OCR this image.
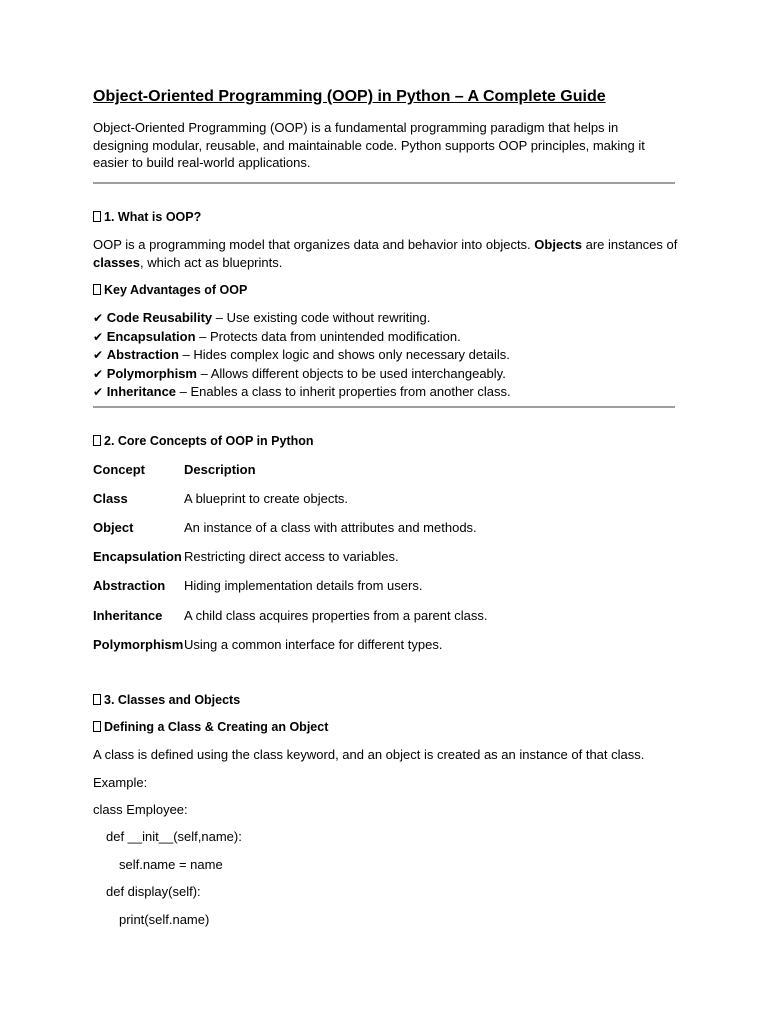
Object-Oriented Programming (OOP) in Python – A Complete Guide
Object-Oriented Programming (OOP) is a fundamental programming paradigm that helps in
designing modular, reusable, and maintainable code. Python supports OOP principles, making it
easier to build real-world applications.
1. What is OOP?
OOP is a programming model that organizes data and behavior into objects. Objects are instances of
classes, which act as blueprints.
Key Advantages of OOP
✔ Code Reusability – Use existing code without rewriting.
✔ Encapsulation – Protects data from unintended modification.
✔ Abstraction – Hides complex logic and shows only necessary details.
✔ Polymorphism – Allows different objects to be used interchangeably.
✔ Inheritance – Enables a class to inherit properties from another class.
2. Core Concepts of OOP in Python
Concept	Description
Class	A blueprint to create objects.
Object	An instance of a class with attributes and methods.
Encapsulation Restricting direct access to variables.
Abstraction Hiding implementation details from users.
Inheritance A child class acquires properties from a parent class.
Polymorphism Using a common interface for different types.
3. Classes and Objects
Defining a Class & Creating an Object
A class is defined using the class keyword, and an object is created as an instance of that class.
Example:
class Employee:
def __init__(self,name):
self.name = name
def display(self):
print(self.name)
